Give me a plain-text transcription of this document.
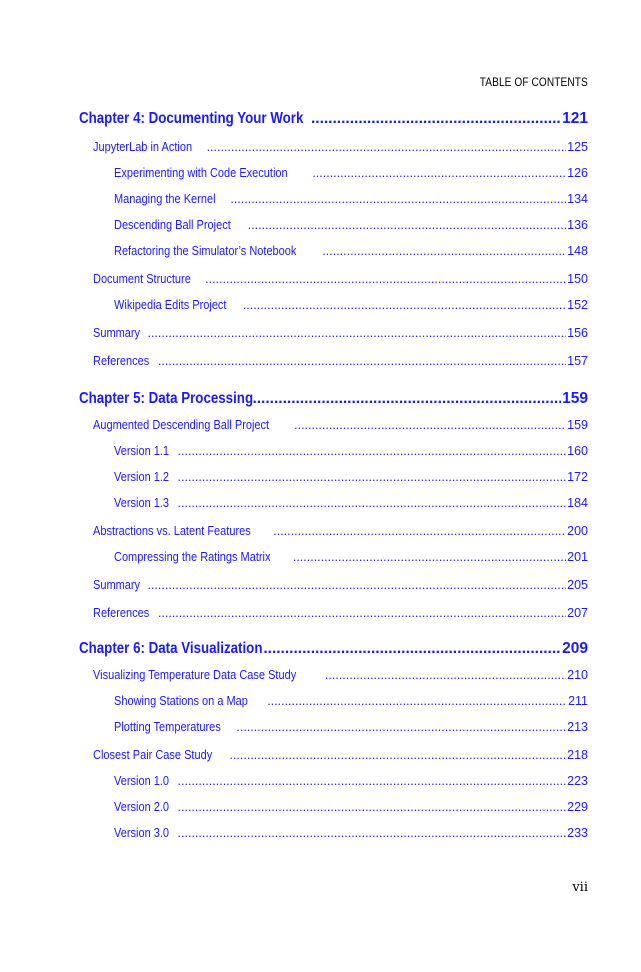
TABLE OF CONTENTS
Chapter 4: Documenting Your Work .....	121
JupyterLab in Action .....	125
Experimenting with Code Execution .....	126
Managing the Kernel .....	134
Descending Ball Project .....	136
Refactoring the Simulator’s Notebook .....	148
Document Structure .....	150
Wikipedia Edits Project .....	152
Summary .....	156
References .....	157
Chapter 5: Data Processing .....	159
Augmented Descending Ball Project .....	159
Version 1.1 .....	160
Version 1.2 .....	172
Version 1.3 .....	184
Abstractions vs. Latent Features .....	200
Compressing the Ratings Matrix .....	201
Summary .....	205
References .....	207
Chapter 6: Data Visualization .....	209
Visualizing Temperature Data Case Study .....	210
Showing Stations on a Map .....	211
Plotting Temperatures .....	213
Closest Pair Case Study .....	218
Version 1.0 .....	223
Version 2.0 .....	229
Version 3.0 .....	233
vii
